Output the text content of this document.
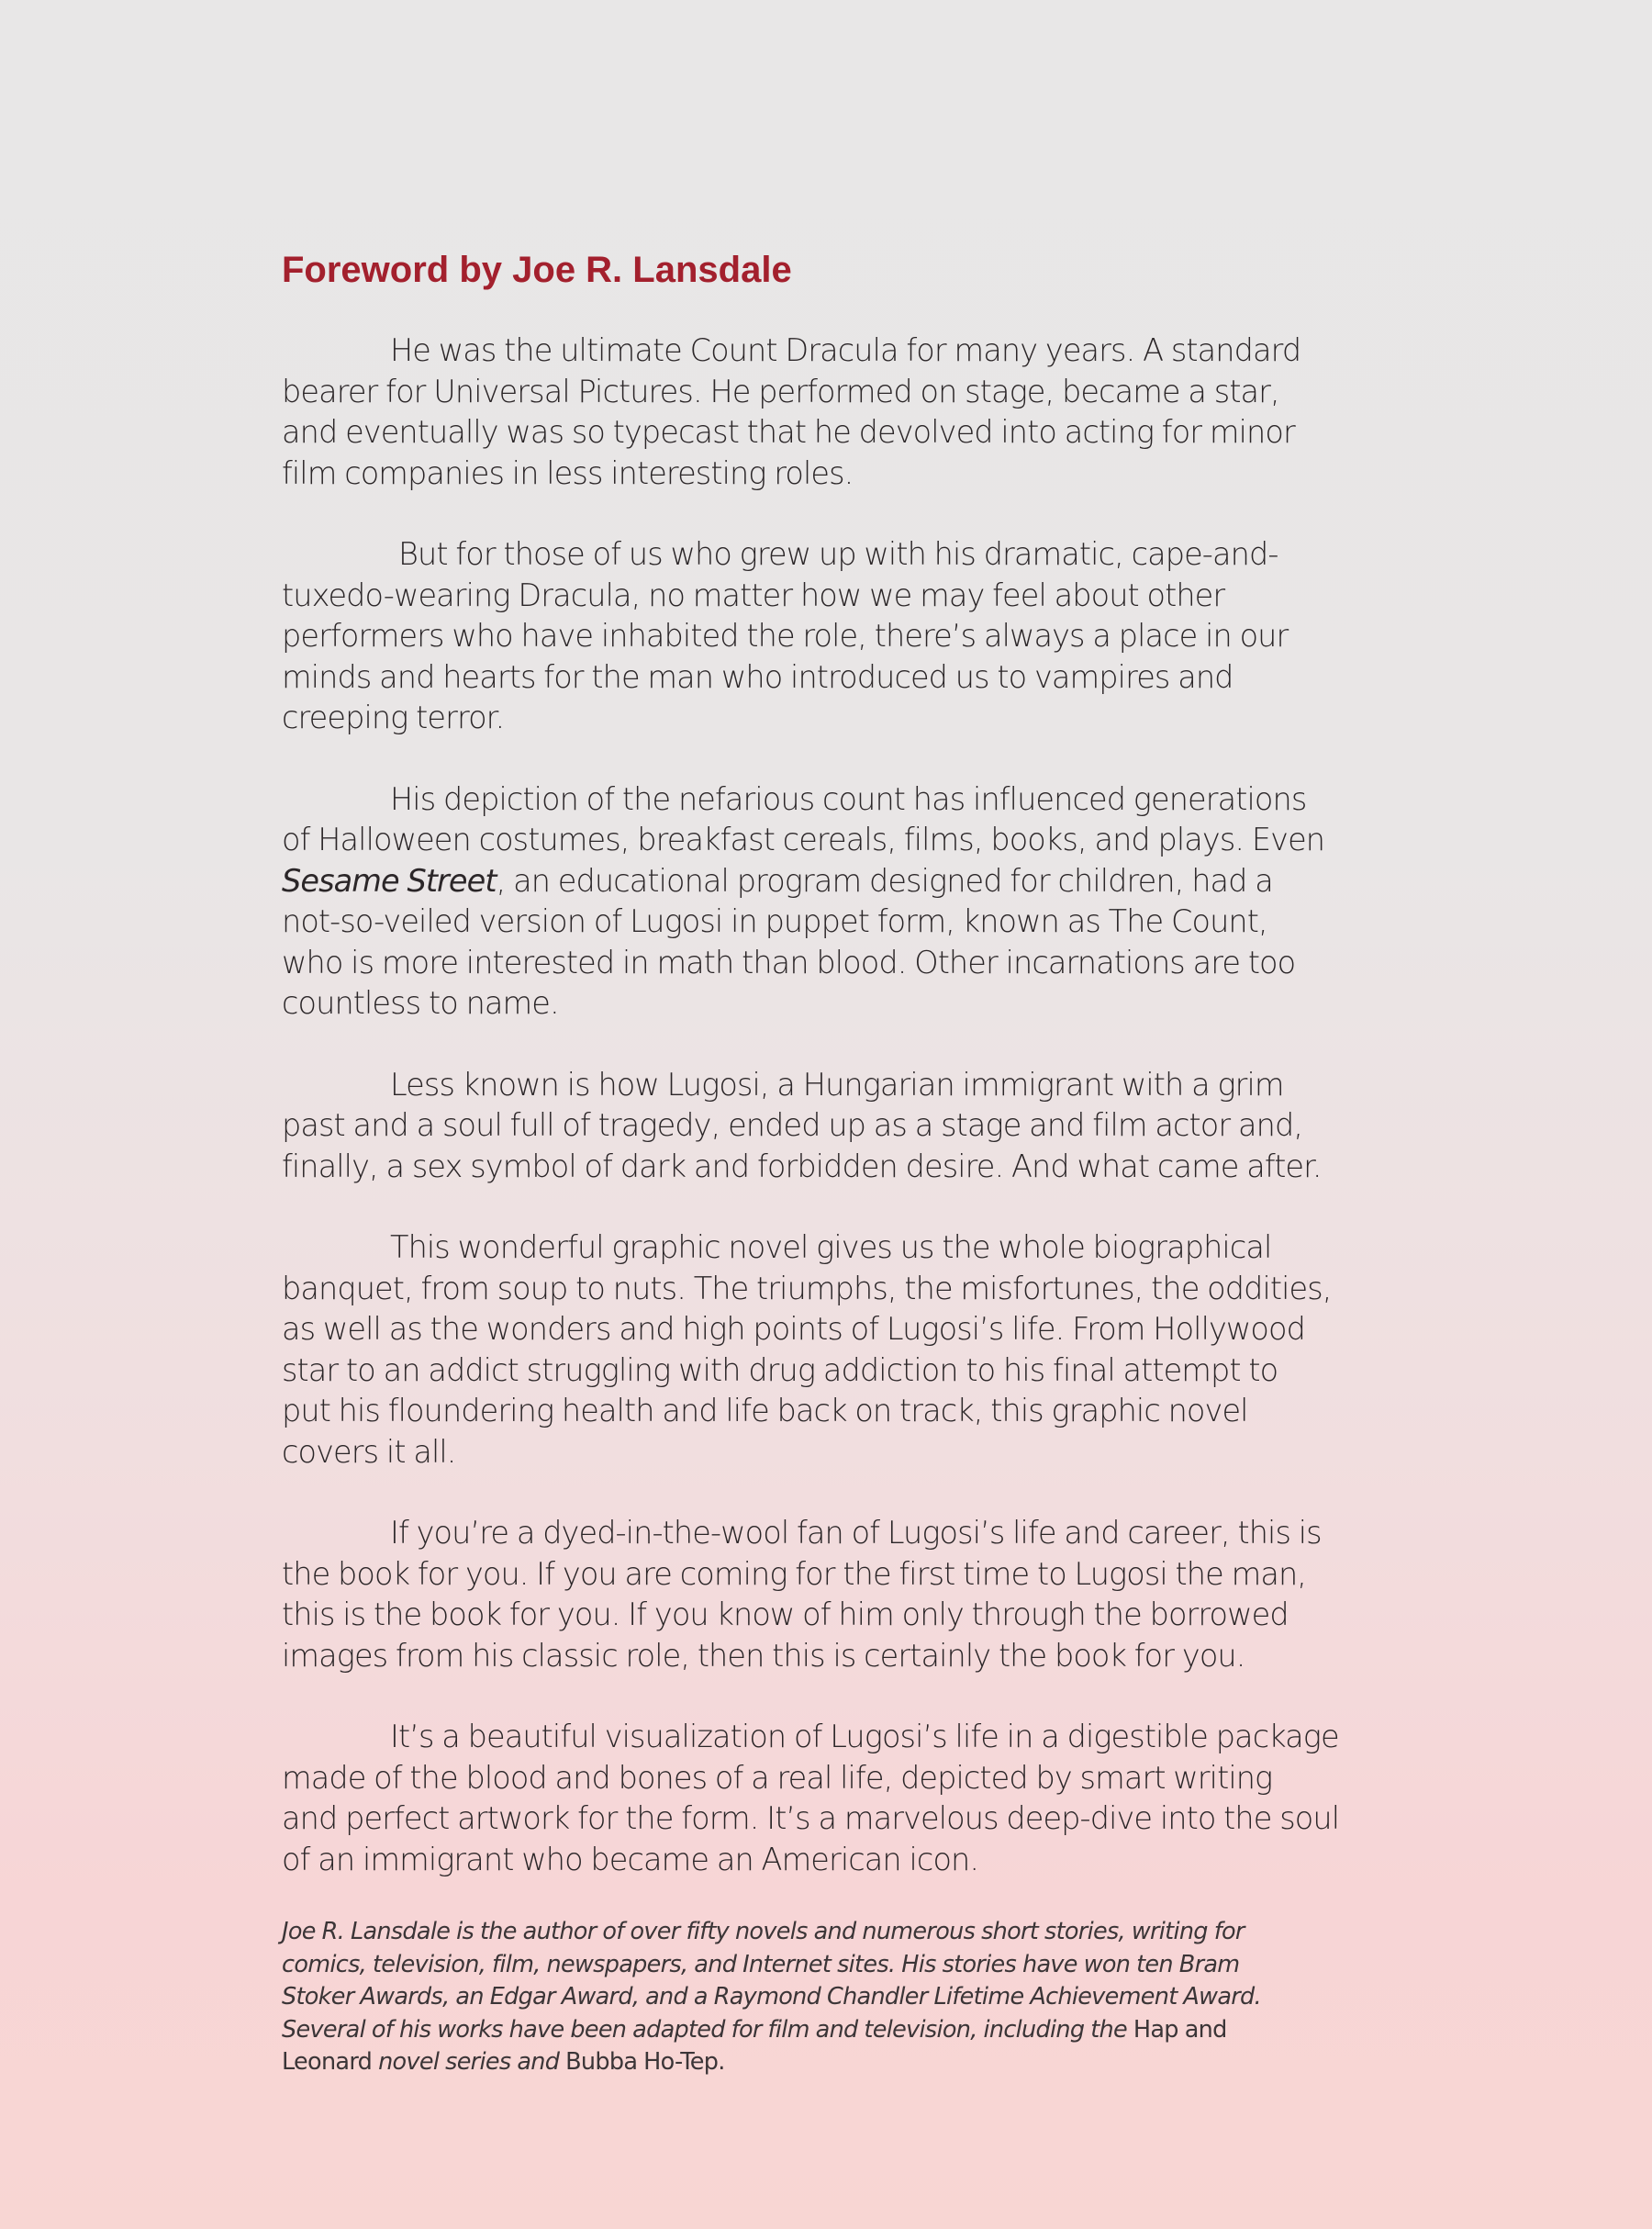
Foreword by Joe R. Lansdale

He was the ultimate Count Dracula for many years. A standard
bearer for Universal Pictures. He performed on stage, became a star,
and eventually was so typecast that he devolved into acting for minor
film companies in less interesting roles.

But for those of us who grew up with his dramatic, cape-and-
tuxedo-wearing Dracula, no matter how we may feel about other
performers who have inhabited the role, there’s always a place in our
minds and hearts for the man who introduced us to vampires and
creeping terror.

His depiction of the nefarious count has influenced generations
of Halloween costumes, breakfast cereals, films, books, and plays. Even
Sesame Street, an educational program designed for children, had a
not-so-veiled version of Lugosi in puppet form, known as The Count,
who is more interested in math than blood. Other incarnations are too
countless to name.

Less known is how Lugosi, a Hungarian immigrant with a grim
past and a soul full of tragedy, ended up as a stage and film actor and,
finally, a sex symbol of dark and forbidden desire. And what came after.

This wonderful graphic novel gives us the whole biographical
banquet, from soup to nuts. The triumphs, the misfortunes, the oddities,
as well as the wonders and high points of Lugosi’s life. From Hollywood
star to an addict struggling with drug addiction to his final attempt to
put his floundering health and life back on track, this graphic novel
covers it all.

If you’re a dyed-in-the-wool fan of Lugosi’s life and career, this is
the book for you. If you are coming for the first time to Lugosi the man,
this is the book for you. If you know of him only through the borrowed
images from his classic role, then this is certainly the book for you.

It’s a beautiful visualization of Lugosi’s life in a digestible package
made of the blood and bones of a real life, depicted by smart writing
and perfect artwork for the form. It’s a marvelous deep-dive into the soul
of an immigrant who became an American icon.

Joe R. Lansdale is the author of over fifty novels and numerous short stories, writing for
comics, television, film, newspapers, and Internet sites. His stories have won ten Bram
Stoker Awards, an Edgar Award, and a Raymond Chandler Lifetime Achievement Award.
Several of his works have been adapted for film and television, including the Hap and
Leonard novel series and Bubba Ho-Tep.
